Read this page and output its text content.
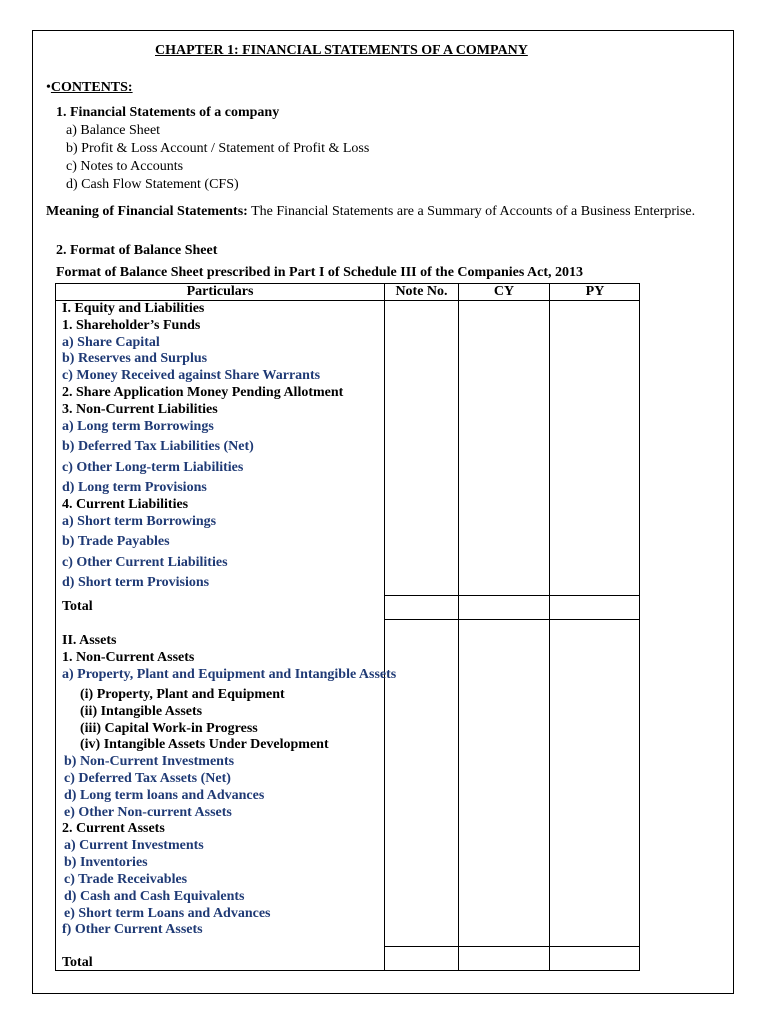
CHAPTER 1: FINANCIAL STATEMENTS OF A COMPANY
•CONTENTS:
1. Financial Statements of a company
a) Balance Sheet
b) Profit & Loss Account / Statement of Profit & Loss
c) Notes to Accounts
d) Cash Flow Statement (CFS)
Meaning of Financial Statements: The Financial Statements are a Summary of Accounts of a Business Enterprise.
2. Format of Balance Sheet
Format of Balance Sheet prescribed in Part I of Schedule III of the Companies Act, 2013
Particulars	Note No.	CY	PY
I. Equity and Liabilities
1. Shareholder’s Funds
a) Share Capital
b) Reserves and Surplus
c) Money Received against Share Warrants
2. Share Application Money Pending Allotment
3. Non-Current Liabilities
a) Long term Borrowings
b) Deferred Tax Liabilities (Net)
c) Other Long-term Liabilities
d) Long term Provisions
4. Current Liabilities
a) Short term Borrowings
b) Trade Payables
c) Other Current Liabilities
d) Short term Provisions
Total
II. Assets
1. Non-Current Assets
a) Property, Plant and Equipment and Intangible Assets
(i) Property, Plant and Equipment
(ii) Intangible Assets
(iii) Capital Work-in Progress
(iv) Intangible Assets Under Development
b) Non-Current Investments
c) Deferred Tax Assets (Net)
d) Long term loans and Advances
e) Other Non-current Assets
2. Current Assets
a) Current Investments
b) Inventories
c) Trade Receivables
d) Cash and Cash Equivalents
e) Short term Loans and Advances
f) Other Current Assets
Total
